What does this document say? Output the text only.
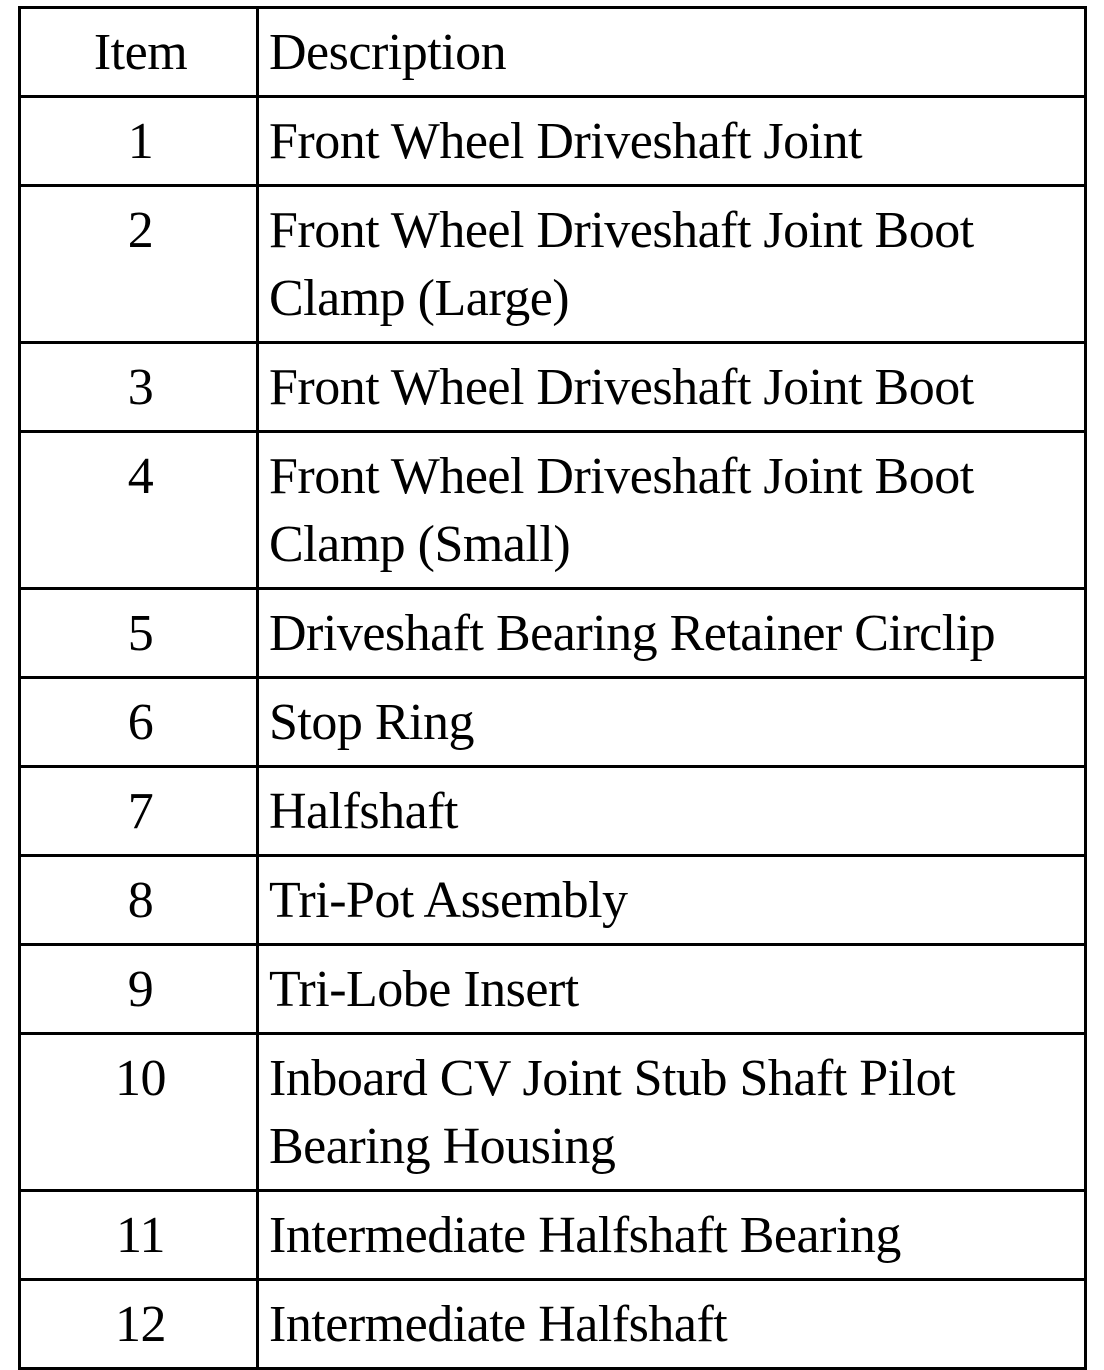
Item	Description
1	Front Wheel Driveshaft Joint
2	Front Wheel Driveshaft Joint Boot Clamp (Large)
3	Front Wheel Driveshaft Joint Boot
4	Front Wheel Driveshaft Joint Boot Clamp (Small)
5	Driveshaft Bearing Retainer Circlip
6	Stop Ring
7	Halfshaft
8	Tri-Pot Assembly
9	Tri-Lobe Insert
10	Inboard CV Joint Stub Shaft Pilot Bearing Housing
11	Intermediate Halfshaft Bearing
12	Intermediate Halfshaft
